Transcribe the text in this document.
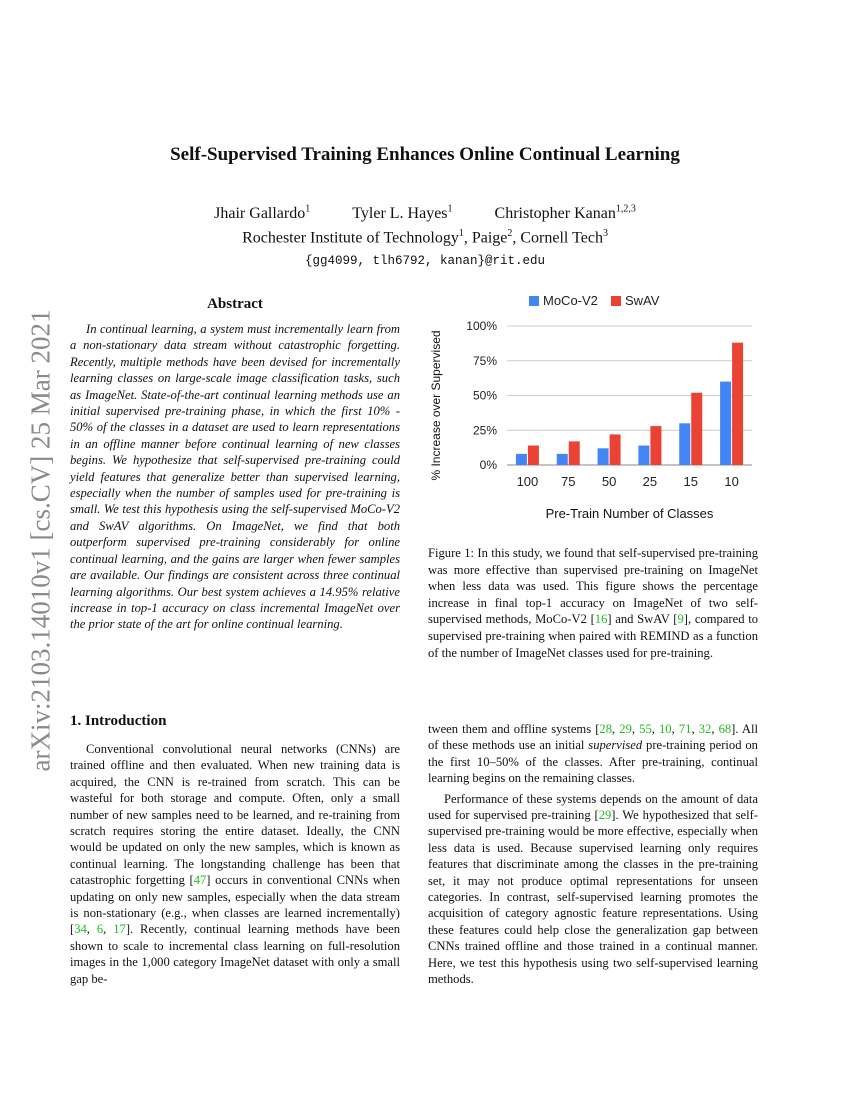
arXiv:2103.14010v1 [cs.CV] 25 Mar 2021
Self-Supervised Training Enhances Online Continual Learning
Jhair Gallardo$^1$	Tyler L. Hayes$^1$	Christopher Kanan$^{1,2,3}$
Rochester Institute of Technology$^1$, Paige$^2$, Cornell Tech$^3$
{gg4099, tlh6792, kanan}@rit.edu
Abstract

In continual learning, a system must incrementally learn from a non-stationary data stream without catastrophic forgetting. Recently, multiple methods have been devised for incrementally learning classes on large-scale image classification tasks, such as ImageNet. State-of-the-art continual learning methods use an initial supervised pre-training phase, in which the first 10% - 50% of the classes in a dataset are used to learn representations in an offline manner before continual learning of new classes begins. We hypothesize that self-supervised pre-training could yield features that generalize better than supervised learning, especially when the number of samples used for pre-training is small. We test this hypothesis using the self-supervised MoCo-V2 and SwAV algorithms. On ImageNet, we find that both outperform supervised pre-training considerably for online continual learning, and the gains are larger when fewer samples are available. Our findings are consistent across three continual learning algorithms. Our best system achieves a 14.95% relative increase in top-1 accuracy on class incremental ImageNet over the prior state of the art for online continual learning.

1. Introduction

Conventional convolutional neural networks (CNNs) are trained offline and then evaluated. When new training data is acquired, the CNN is re-trained from scratch. This can be wasteful for both storage and compute. Often, only a small number of new samples need to be learned, and re-training from scratch requires storing the entire dataset. Ideally, the CNN would be updated on only the new samples, which is known as continual learning. The longstanding challenge has been that catastrophic forgetting [47] occurs in conventional CNNs when updating on only new samples, especially when the data stream is non-stationary (e.g., when classes are learned incrementally) [34, 6, 17]. Recently, continual learning methods have been shown to scale to incremental class learning on full-resolution images in the 1,000 category ImageNet dataset with only a small gap be-

0%
25%
50%
75%
100%
100 75 50 25 15 10
Pre-Train Number of Classes
% Increase over Supervised
MoCo-V2 SwAV

Figure 1: In this study, we found that self-supervised pre-training was more effective than supervised pre-training on ImageNet when less data was used. This figure shows the percentage increase in final top-1 accuracy on ImageNet of two self-supervised methods, MoCo-V2 [16] and SwAV [9], compared to supervised pre-training when paired with REMIND as a function of the number of ImageNet classes used for pre-training.

tween them and offline systems [28, 29, 55, 10, 71, 32, 68]. All of these methods use an initial supervised pre-training period on the first 10–50% of the classes. After pre-training, continual learning begins on the remaining classes.

Performance of these systems depends on the amount of data used for supervised pre-training [29]. We hypothesized that self-supervised pre-training would be more effective, especially when less data is used. Because supervised learning only requires features that discriminate among the classes in the pre-training set, it may not produce optimal representations for unseen categories. In contrast, self-supervised learning promotes the acquisition of category agnostic feature representations. Using these features could help close the generalization gap between CNNs trained offline and those trained in a continual manner. Here, we test this hypothesis using two self-supervised learning methods.
